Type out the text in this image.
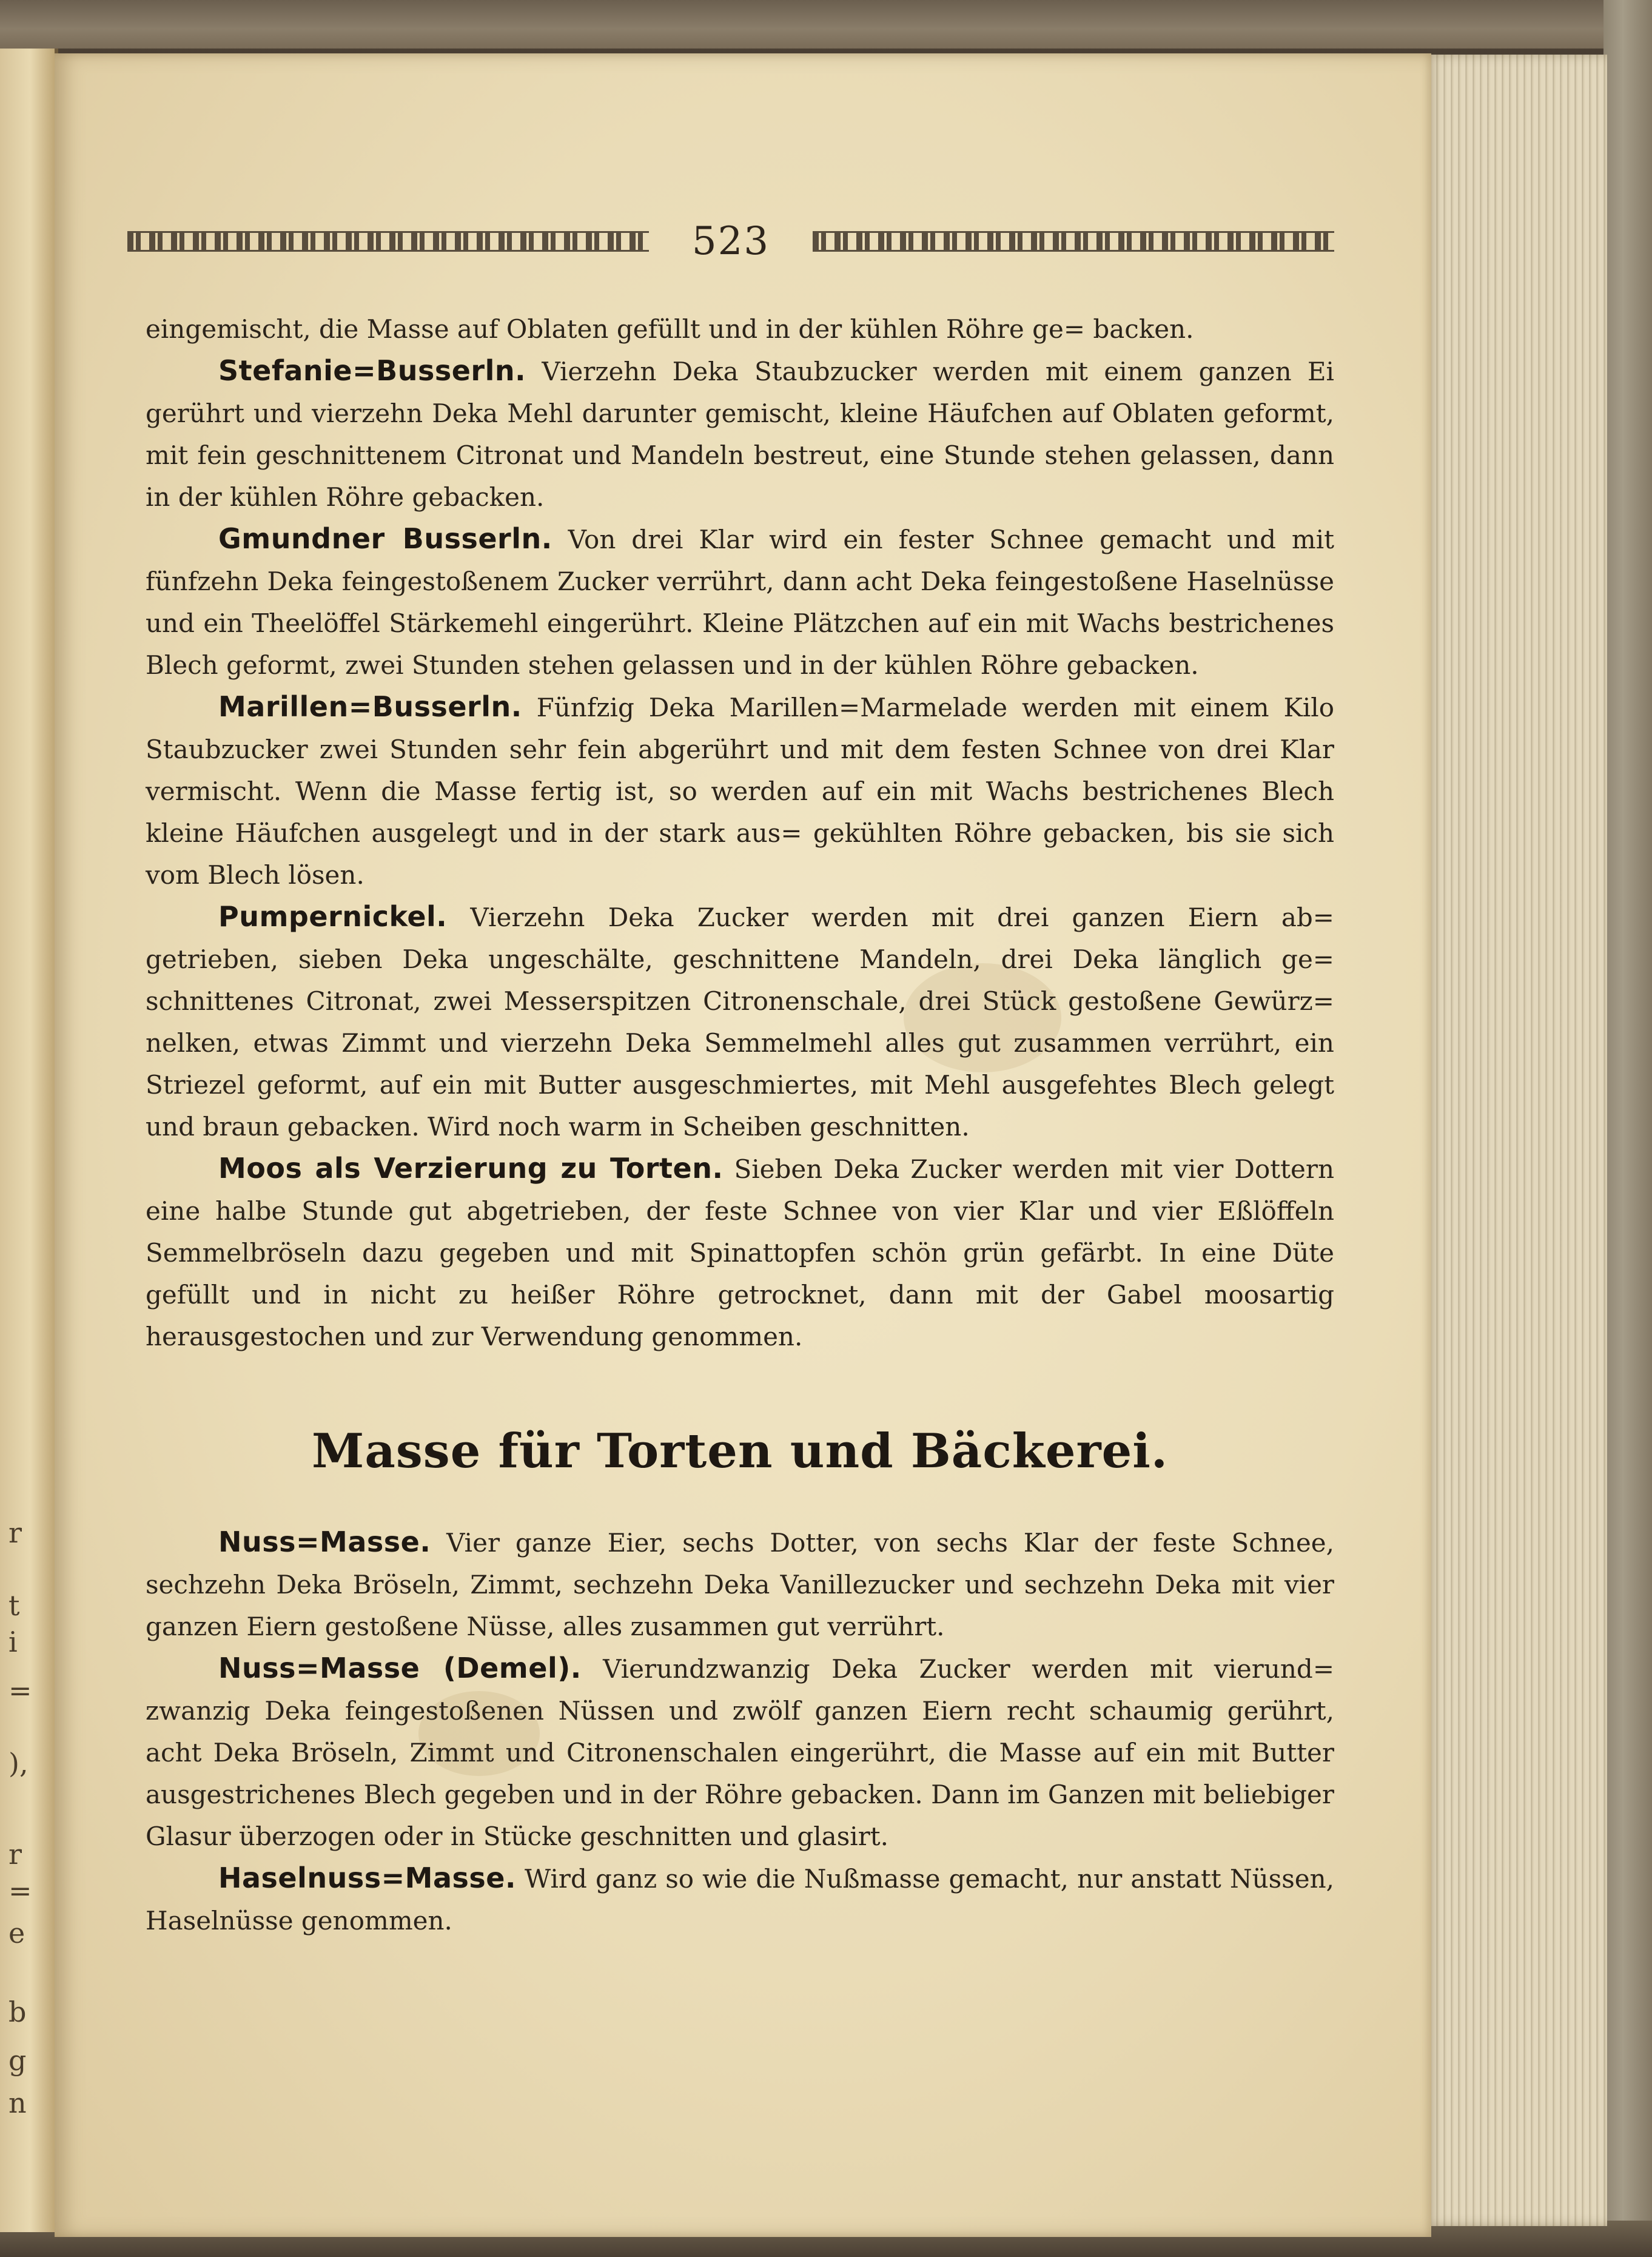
r
t
i
=
),
r
=
e
b
g
n
523

eingemischt, die Masse auf Oblaten gefüllt und in der kühlen Röhre ge= backen.

Stefanie=Busserln. Vierzehn Deka Staubzucker werden mit einem ganzen Ei gerührt und vierzehn Deka Mehl darunter gemischt, kleine Häufchen auf Oblaten geformt, mit fein geschnittenem Citronat und Mandeln bestreut, eine Stunde stehen gelassen, dann in der kühlen Röhre gebacken.

Gmundner Busserln. Von drei Klar wird ein fester Schnee gemacht und mit fünfzehn Deka feingestoßenem Zucker verrührt, dann acht Deka feingestoßene Haselnüsse und ein Theelöffel Stärkemehl eingerührt. Kleine Plätzchen auf ein mit Wachs bestrichenes Blech geformt, zwei Stunden stehen gelassen und in der kühlen Röhre gebacken.

Marillen=Busserln. Fünfzig Deka Marillen=Marmelade werden mit einem Kilo Staubzucker zwei Stunden sehr fein abgerührt und mit dem festen Schnee von drei Klar vermischt. Wenn die Masse fertig ist, so werden auf ein mit Wachs bestrichenes Blech kleine Häufchen ausgelegt und in der stark aus= gekühlten Röhre gebacken, bis sie sich vom Blech lösen.

Pumpernickel. Vierzehn Deka Zucker werden mit drei ganzen Eiern ab= getrieben, sieben Deka ungeschälte, geschnittene Mandeln, drei Deka länglich ge= schnittenes Citronat, zwei Messerspitzen Citronenschale, drei Stück gestoßene Gewürz= nelken, etwas Zimmt und vierzehn Deka Semmelmehl alles gut zusammen verrührt, ein Striezel geformt, auf ein mit Butter ausgeschmiertes, mit Mehl ausgefehtes Blech gelegt und braun gebacken. Wird noch warm in Scheiben geschnitten.

Moos als Verzierung zu Torten. Sieben Deka Zucker werden mit vier Dottern eine halbe Stunde gut abgetrieben, der feste Schnee von vier Klar und vier Eßlöffeln Semmelbröseln dazu gegeben und mit Spinattopfen schön grün gefärbt. In eine Düte gefüllt und in nicht zu heißer Röhre getrocknet, dann mit der Gabel moosartig herausgestochen und zur Verwendung genommen.

Masse für Torten und Bäckerei.

Nuss=Masse. Vier ganze Eier, sechs Dotter, von sechs Klar der feste Schnee, sechzehn Deka Bröseln, Zimmt, sechzehn Deka Vanillezucker und sechzehn Deka mit vier ganzen Eiern gestoßene Nüsse, alles zusammen gut verrührt.

Nuss=Masse (Demel). Vierundzwanzig Deka Zucker werden mit vierund= zwanzig Deka feingestoßenen Nüssen und zwölf ganzen Eiern recht schaumig gerührt, acht Deka Bröseln, Zimmt und Citronenschalen eingerührt, die Masse auf ein mit Butter ausgestrichenes Blech gegeben und in der Röhre gebacken. Dann im Ganzen mit beliebiger Glasur überzogen oder in Stücke geschnitten und glasirt.

Haselnuss=Masse. Wird ganz so wie die Nußmasse gemacht, nur anstatt Nüssen, Haselnüsse genommen.
